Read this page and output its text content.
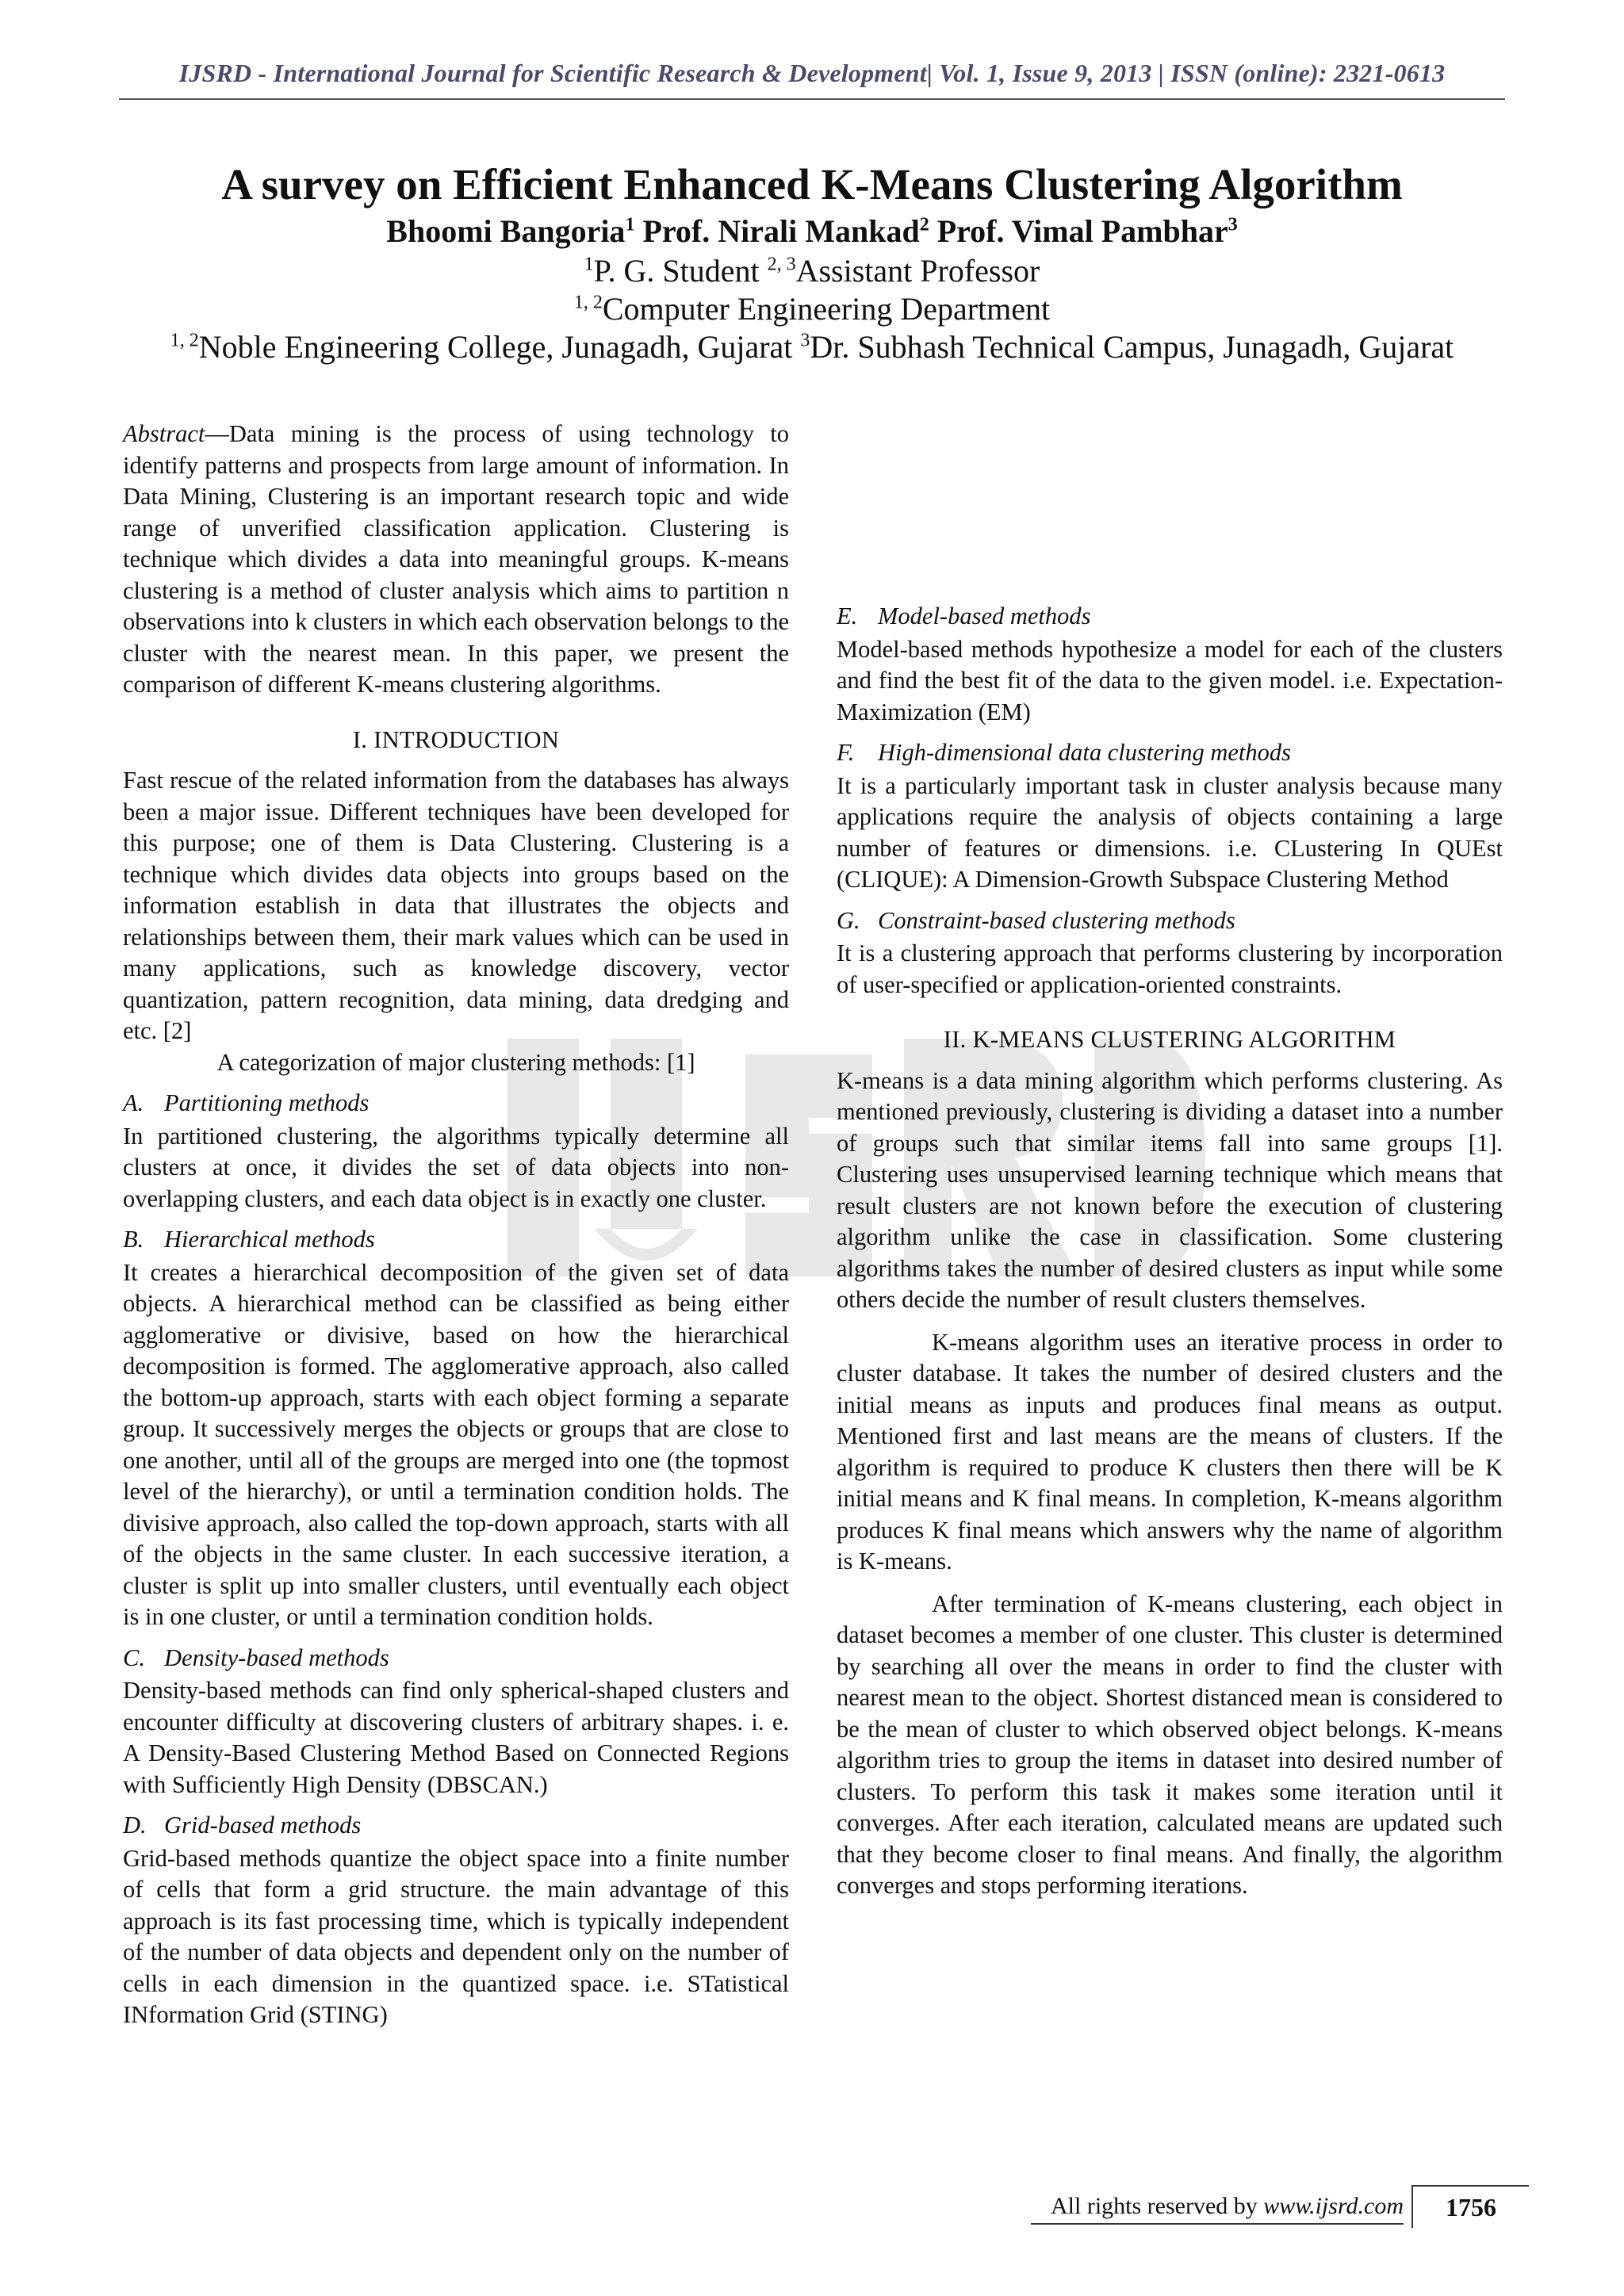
IJSRD - International Journal for Scientific Research & Development| Vol. 1, Issue 9, 2013 | ISSN (online): 2321-0613
A survey on Efficient Enhanced K-Means Clustering Algorithm
Bhoomi Bangoria$^1$ Prof. Nirali Mankad$^2$ Prof. Vimal Pambhar$^3$
$^1$P. G. Student $^{2, 3}$Assistant Professor
$^{1, 2}$Computer Engineering Department
$^{1, 2}$Noble Engineering College, Junagadh, Gujarat $^3$Dr. Subhash Technical Campus, Junagadh, Gujarat

Abstract—Data mining is the process of using technology to identify patterns and prospects from large amount of information. In Data Mining, Clustering is an important research topic and wide range of unverified classification application. Clustering is technique which divides a data into meaningful groups. K-means clustering is a method of cluster analysis which aims to partition n observations into k clusters in which each observation belongs to the cluster with the nearest mean. In this paper, we present the comparison of different K-means clustering algorithms.

I. INTRODUCTION

Fast rescue of the related information from the databases has always been a major issue. Different techniques have been developed for this purpose; one of them is Data Clustering. Clustering is a technique which divides data objects into groups based on the information establish in data that illustrates the objects and relationships between them, their mark values which can be used in many applications, such as knowledge discovery, vector quantization, pattern recognition, data mining, data dredging and etc. [2]

A categorization of major clustering methods: [1]

A. Partitioning methods

In partitioned clustering, the algorithms typically determine all clusters at once, it divides the set of data objects into non-overlapping clusters, and each data object is in exactly one cluster.

B. Hierarchical methods

It creates a hierarchical decomposition of the given set of data objects. A hierarchical method can be classified as being either agglomerative or divisive, based on how the hierarchical decomposition is formed. The agglomerative approach, also called the bottom-up approach, starts with each object forming a separate group. It successively merges the objects or groups that are close to one another, until all of the groups are merged into one (the topmost level of the hierarchy), or until a termination condition holds. The divisive approach, also called the top-down approach, starts with all of the objects in the same cluster. In each successive iteration, a cluster is split up into smaller clusters, until eventually each object is in one cluster, or until a termination condition holds.

C. Density-based methods

Density-based methods can find only spherical-shaped clusters and encounter difficulty at discovering clusters of arbitrary shapes. i. e. A Density-Based Clustering Method Based on Connected Regions with Sufficiently High Density (DBSCAN.)

D. Grid-based methods

Grid-based methods quantize the object space into a finite number of cells that form a grid structure. the main advantage of this approach is its fast processing time, which is typically independent of the number of data objects and dependent only on the number of cells in each dimension in the quantized space. i.e. STatistical INformation Grid (STING)

E. Model-based methods

Model-based methods hypothesize a model for each of the clusters and find the best fit of the data to the given model. i.e. Expectation-Maximization (EM)

F. High-dimensional data clustering methods

It is a particularly important task in cluster analysis because many applications require the analysis of objects containing a large number of features or dimensions. i.e. CLustering In QUEst (CLIQUE): A Dimension-Growth Subspace Clustering Method

G. Constraint-based clustering methods

It is a clustering approach that performs clustering by incorporation of user-specified or application-oriented constraints.

II. K-MEANS CLUSTERING ALGORITHM

K-means is a data mining algorithm which performs clustering. As mentioned previously, clustering is dividing a dataset into a number of groups such that similar items fall into same groups [1]. Clustering uses unsupervised learning technique which means that result clusters are not known before the execution of clustering algorithm unlike the case in classification. Some clustering algorithms takes the number of desired clusters as input while some others decide the number of result clusters themselves.

K-means algorithm uses an iterative process in order to cluster database. It takes the number of desired clusters and the initial means as inputs and produces final means as output. Mentioned first and last means are the means of clusters. If the algorithm is required to produce K clusters then there will be K initial means and K final means. In completion, K-means algorithm produces K final means which answers why the name of algorithm is K-means.

After termination of K-means clustering, each object in dataset becomes a member of one cluster. This cluster is determined by searching all over the means in order to find the cluster with nearest mean to the object. Shortest distanced mean is considered to be the mean of cluster to which observed object belongs. K-means algorithm tries to group the items in dataset into desired number of clusters. To perform this task it makes some iteration until it converges. After each iteration, calculated means are updated such that they become closer to final means. And finally, the algorithm converges and stops performing iterations.

All rights reserved by www.ijsrd.com	1756
